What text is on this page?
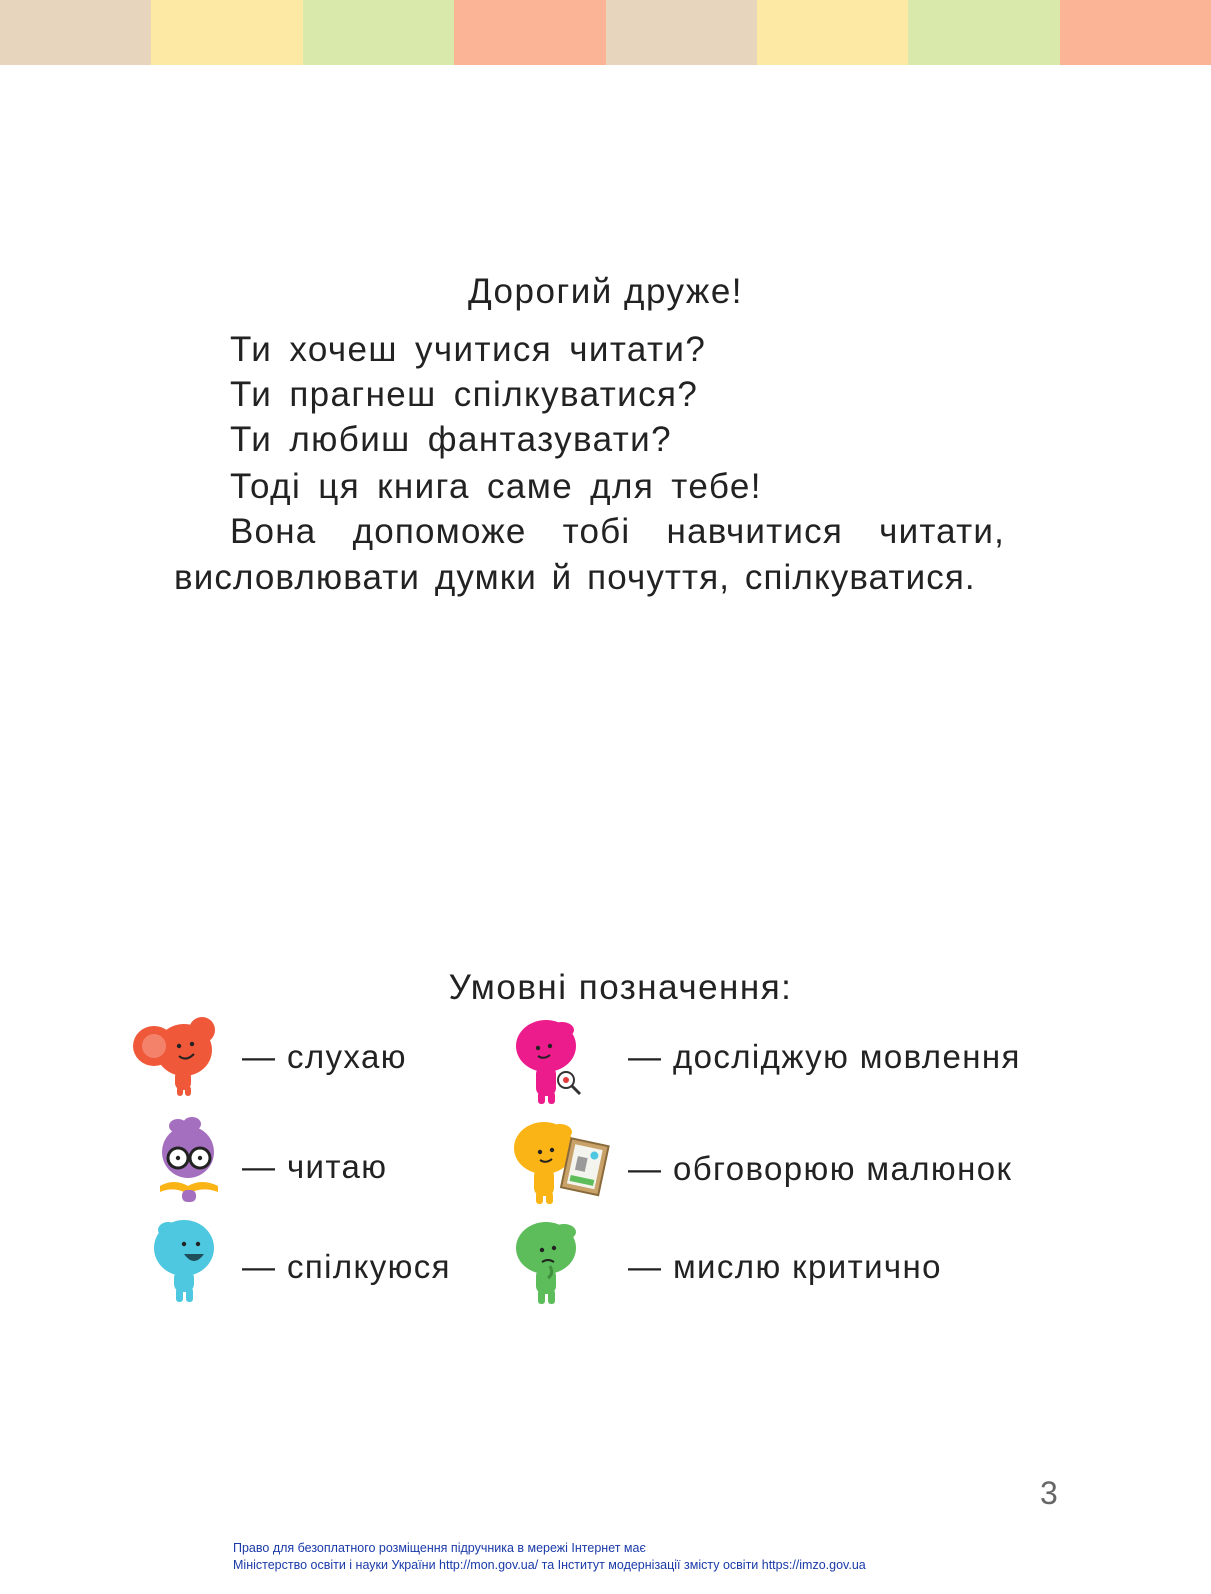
Дорогий друже!

Ти хочеш учитися читати?

Ти прагнеш спілкуватися?

Ти любиш фантазувати?

Тоді ця книга саме для тебе!

Вона допоможе тобі навчитися читати,

висловлювати думки й почуття, спілкуватися.

Умовні позначення:
— слухаю	— досліджую мовлення
— читаю	— обговорюю малюнок
— спілкуюся	— мислю критично
3
Право для безоплатного розміщення підручника в мережі Інтернет має
Міністерство освіти і науки України http://mon.gov.ua/ та Інститут модернізації змісту освіти https://imzo.gov.ua
